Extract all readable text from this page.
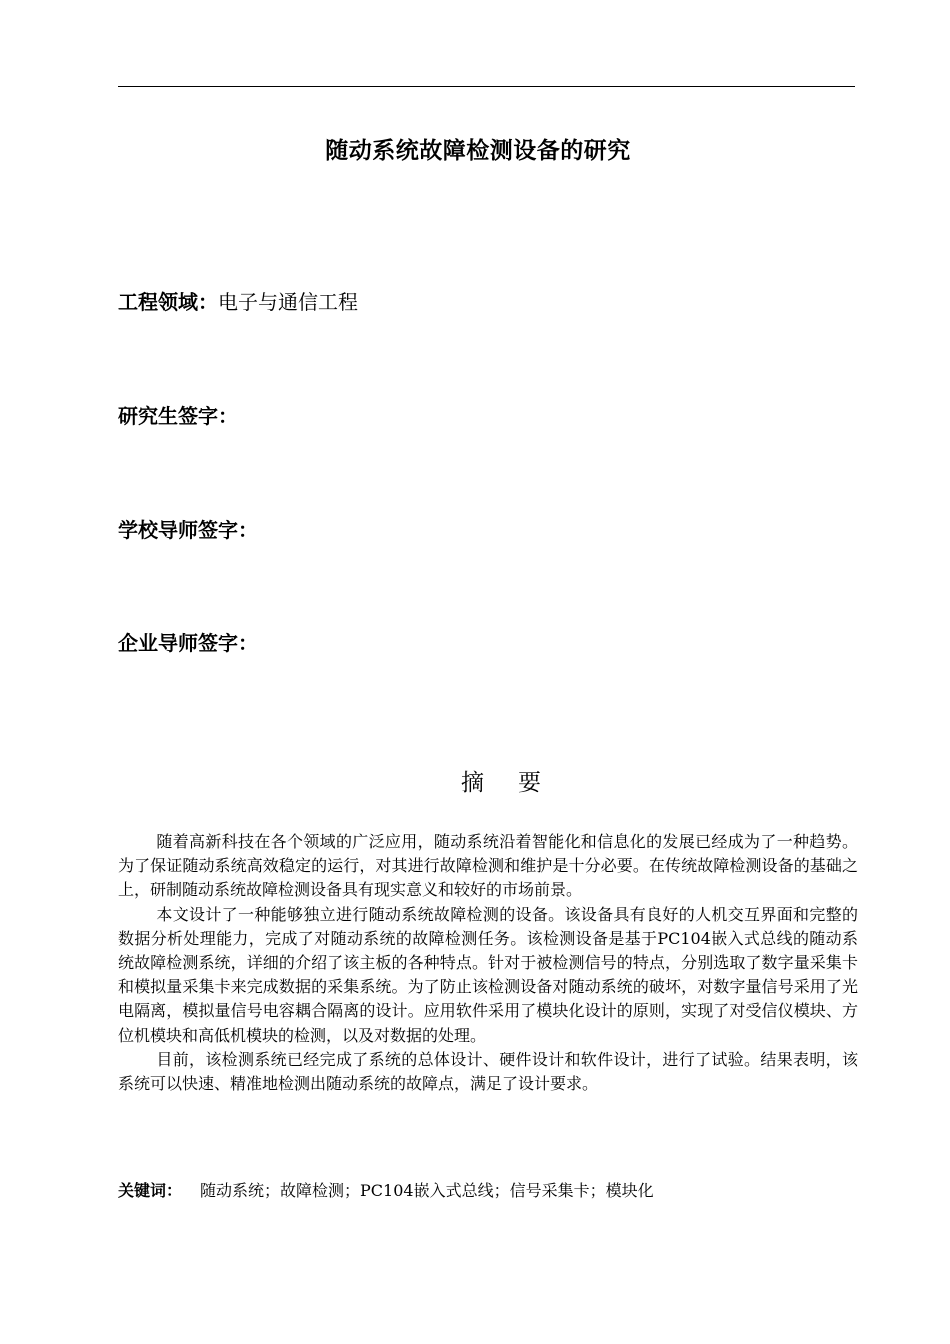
随动系统故障检测设备的研究
工程领域：电子与通信工程
研究生签字：
学校导师签字：
企业导师签字：
摘要

随着高新科技在各个领域的广泛应用，随动系统沿着智能化和信息化的发展已经成为了一种趋势。为了保证随动系统高效稳定的运行，对其进行故障检测和维护是十分必要。在传统故障检测设备的基础之上，研制随动系统故障检测设备具有现实意义和较好的市场前景。

本文设计了一种能够独立进行随动系统故障检测的设备。该设备具有良好的人机交互界面和完整的数据分析处理能力，完成了对随动系统的故障检测任务。该检测设备是基于PC104嵌入式总线的随动系统故障检测系统，详细的介绍了该主板的各种特点。针对于被检测信号的特点，分别选取了数字量采集卡和模拟量采集卡来完成数据的采集系统。为了防止该检测设备对随动系统的破坏，对数字量信号采用了光电隔离，模拟量信号电容耦合隔离的设计。应用软件采用了模块化设计的原则，实现了对受信仪模块、方位机模块和高低机模块的检测，以及对数据的处理。

目前，该检测系统已经完成了系统的总体设计、硬件设计和软件设计，进行了试验。结果表明，该系统可以快速、精准地检测出随动系统的故障点，满足了设计要求。

关键词： 随动系统；故障检测；PC104嵌入式总线；信号采集卡；模块化
